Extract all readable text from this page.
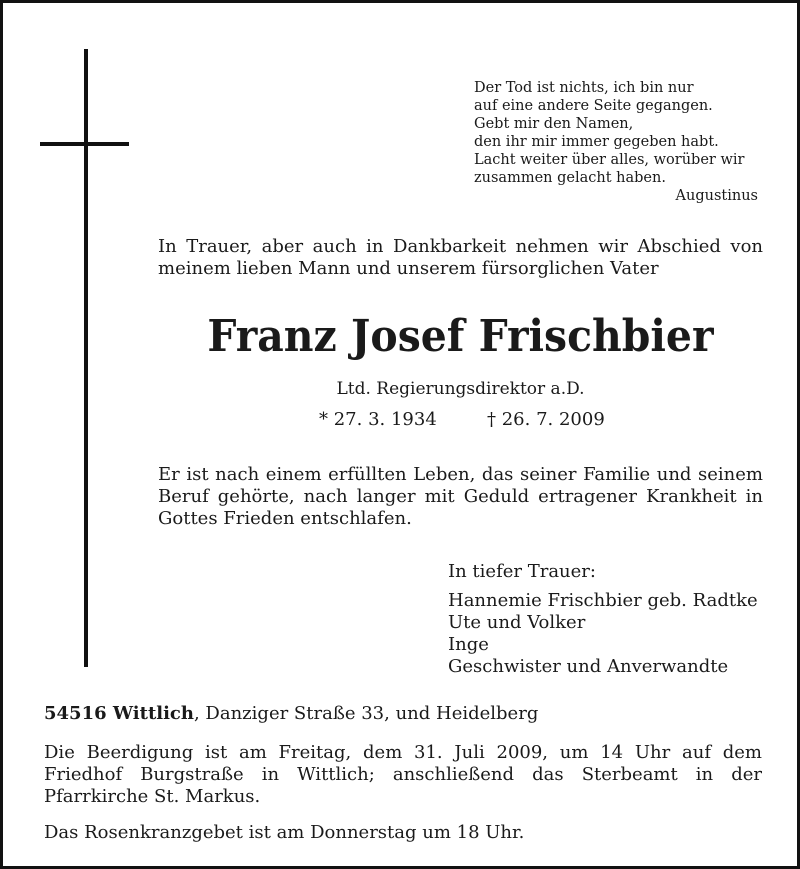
Der Tod ist nichts, ich bin nur
auf eine andere Seite gegangen.
Gebt mir den Namen,
den ihr mir immer gegeben habt.
Lacht weiter über alles, worüber wir
zusammen gelacht haben.
Augustinus
In Trauer, aber auch in Dankbarkeit nehmen wir Abschied von meinem lieben Mann und unserem fürsorglichen Vater
Franz Josef Frischbier
Ltd. Regierungsdirektor a.D.
* 27. 3. 1934	† 26. 7. 2009
Er ist nach einem erfüllten Leben, das seiner Familie und seinem Beruf gehörte, nach langer mit Geduld ertragener Krankheit in Gottes Frieden entschlafen.
In tiefer Trauer:
Hannemie Frischbier geb. Radtke
Ute und Volker
Inge
Geschwister und Anverwandte
54516 Wittlich, Danziger Straße 33, und Heidelberg
Die Beerdigung ist am Freitag, dem 31. Juli 2009, um 14 Uhr auf dem Friedhof Burgstraße in Wittlich; anschließend das Sterbeamt in der Pfarrkirche St. Markus.
Das Rosenkranzgebet ist am Donnerstag um 18 Uhr.
